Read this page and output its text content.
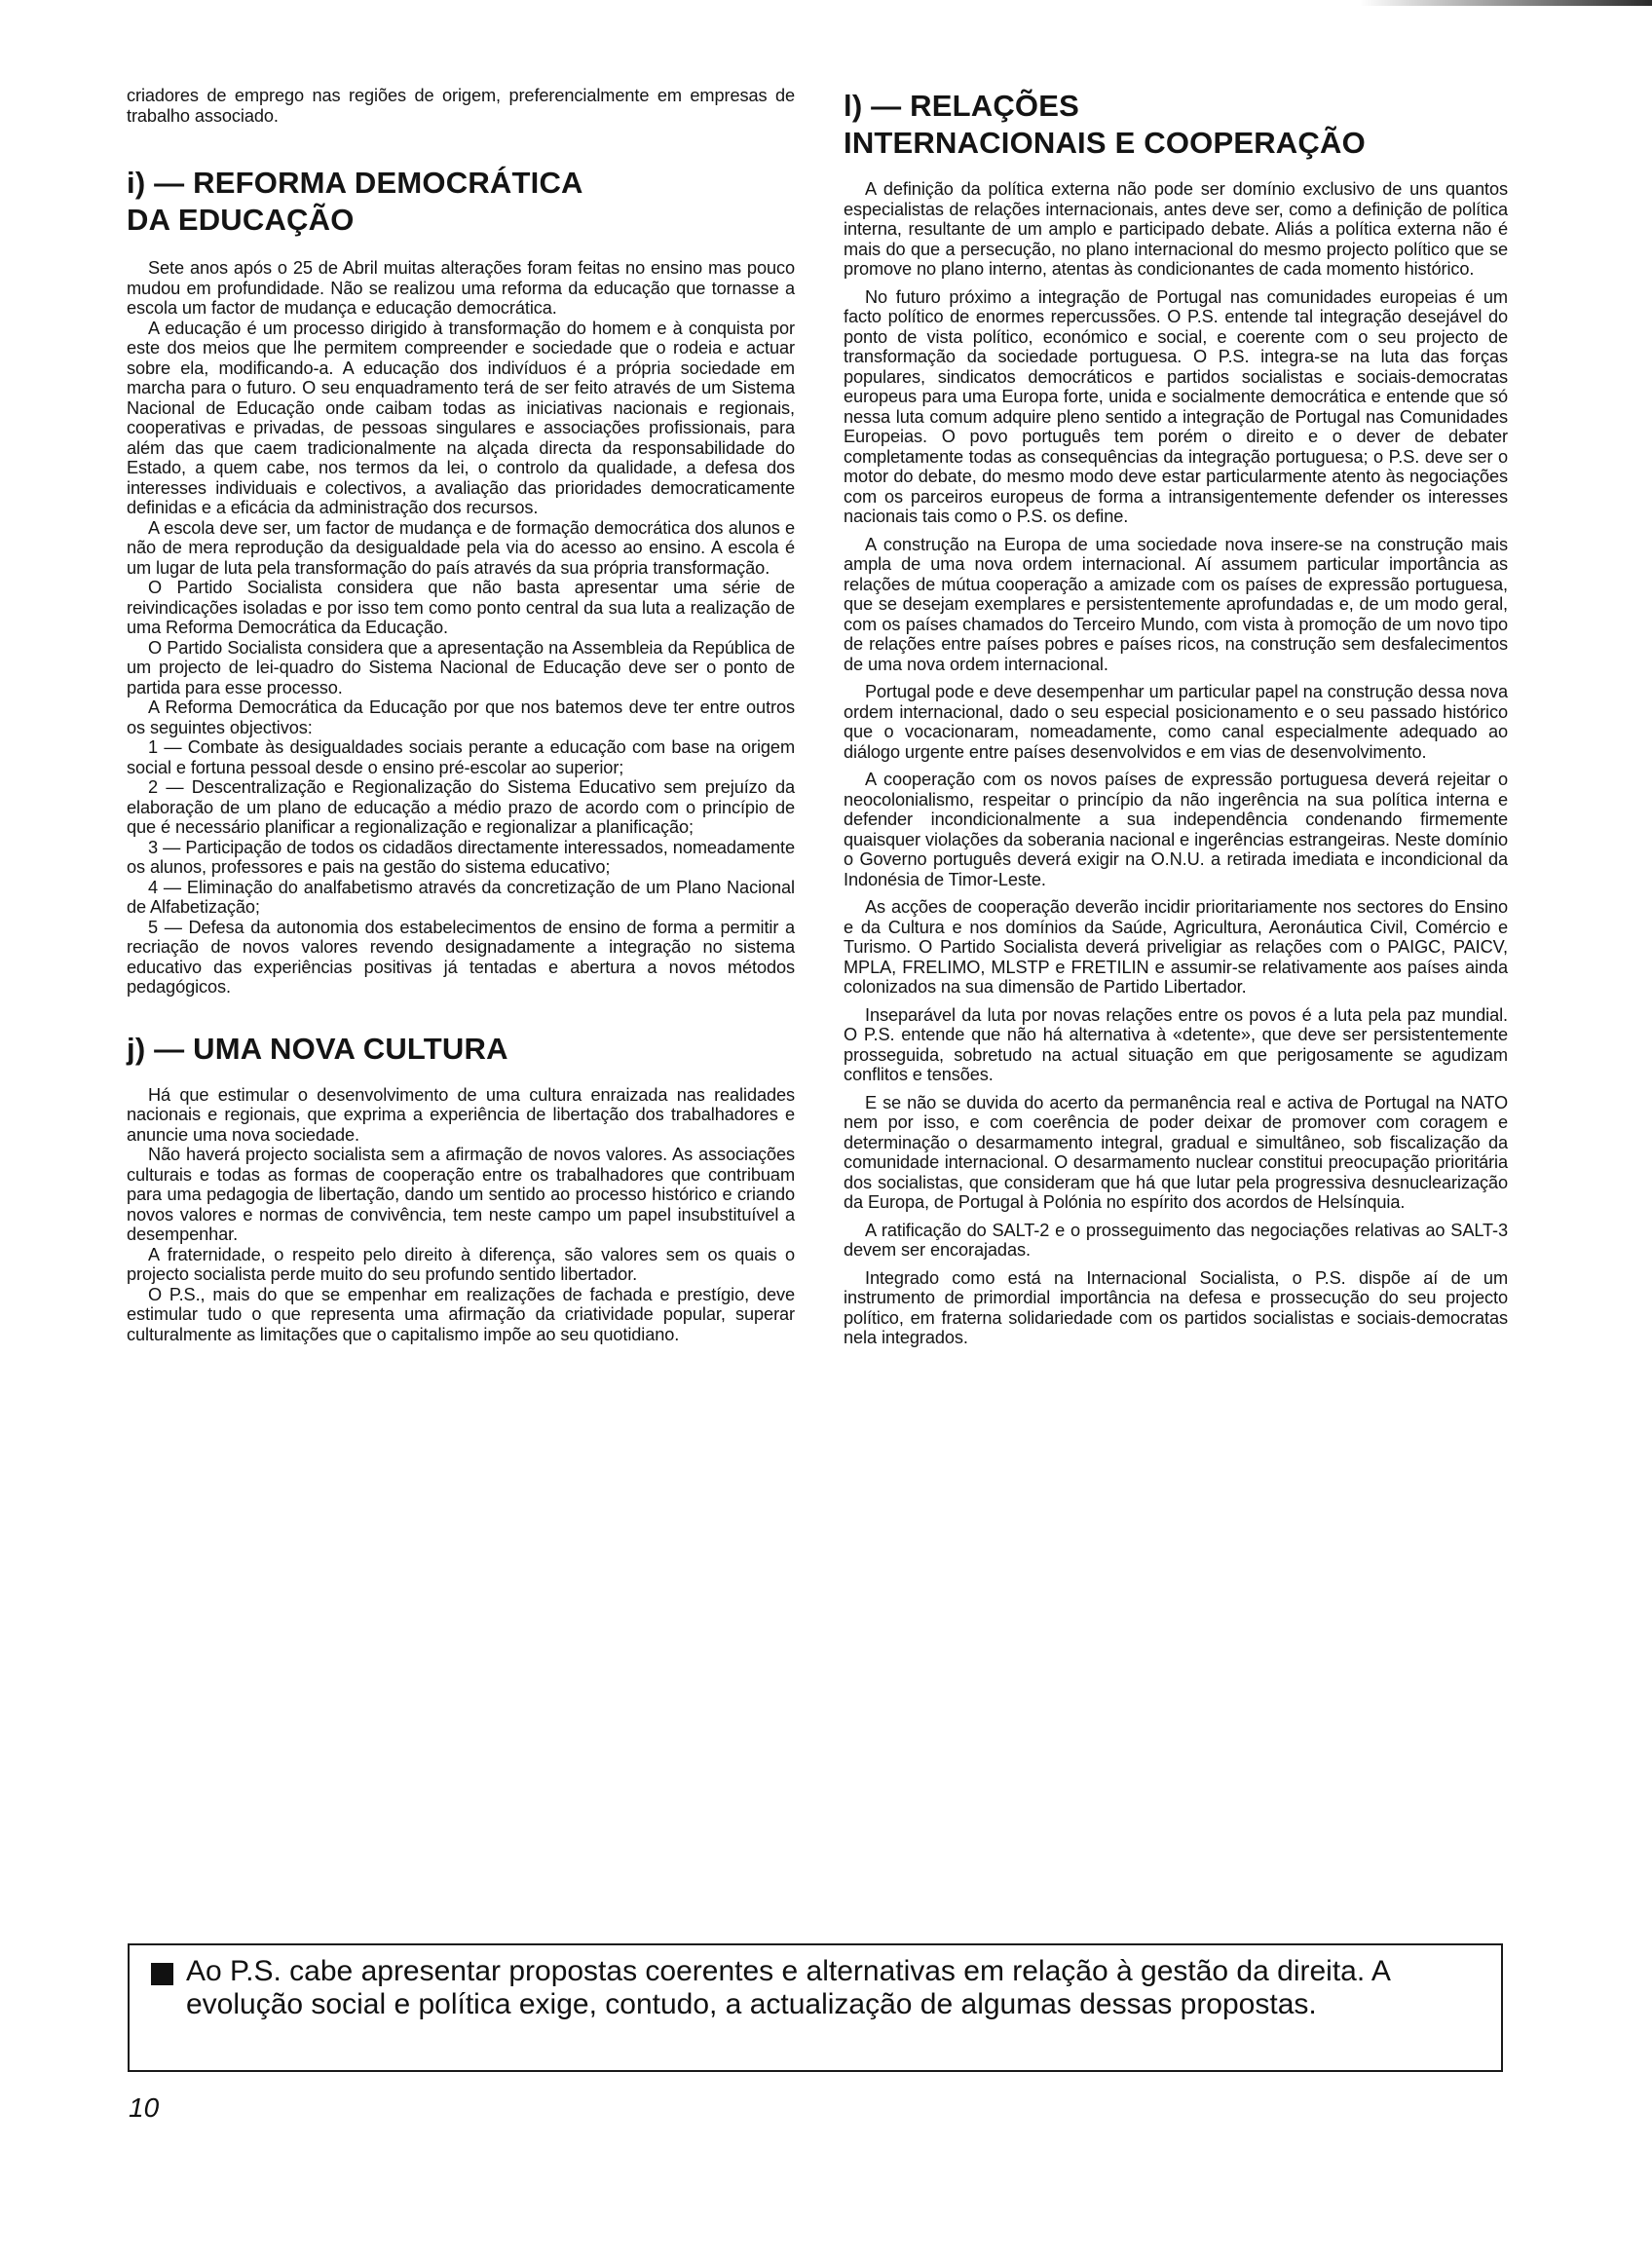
criadores de emprego nas regiões de origem, preferencialmente em empresas de trabalho associado.

i) — REFORMA DEMOCRÁTICA
DA EDUCAÇÃO

Sete anos após o 25 de Abril muitas alterações foram feitas no ensino mas pouco mudou em profundidade. Não se realizou uma reforma da educação que tornasse a escola um factor de mudança e educação democrática.

A educação é um processo dirigido à transformação do homem e à conquista por este dos meios que lhe permitem compreender e sociedade que o rodeia e actuar sobre ela, modificando-a. A educação dos indivíduos é a própria sociedade em marcha para o futuro. O seu enquadramento terá de ser feito através de um Sistema Nacional de Educação onde caibam todas as iniciativas nacionais e regionais, cooperativas e privadas, de pessoas singulares e associações profissionais, para além das que caem tradicionalmente na alçada directa da responsabilidade do Estado, a quem cabe, nos termos da lei, o controlo da qualidade, a defesa dos interesses individuais e colectivos, a avaliação das prioridades democraticamente definidas e a eficácia da administração dos recursos.

A escola deve ser, um factor de mudança e de formação democrática dos alunos e não de mera reprodução da desigualdade pela via do acesso ao ensino. A escola é um lugar de luta pela transformação do país através da sua própria transformação.

O Partido Socialista considera que não basta apresentar uma série de reivindicações isoladas e por isso tem como ponto central da sua luta a realização de uma Reforma Democrática da Educação.

O Partido Socialista considera que a apresentação na Assembleia da República de um projecto de lei-quadro do Sistema Nacional de Educação deve ser o ponto de partida para esse processo.

A Reforma Democrática da Educação por que nos batemos deve ter entre outros os seguintes objectivos:

1 — Combate às desigualdades sociais perante a educação com base na origem social e fortuna pessoal desde o ensino pré-escolar ao superior;

2 — Descentralização e Regionalização do Sistema Educativo sem prejuízo da elaboração de um plano de educação a médio prazo de acordo com o princípio de que é necessário planificar a regionalização e regionalizar a planificação;

3 — Participação de todos os cidadãos directamente interessados, nomeadamente os alunos, professores e pais na gestão do sistema educativo;

4 — Eliminação do analfabetismo através da concretização de um Plano Nacional de Alfabetização;

5 — Defesa da autonomia dos estabelecimentos de ensino de forma a permitir a recriação de novos valores revendo designadamente a integração no sistema educativo das experiências positivas já tentadas e abertura a novos métodos pedagógicos.

j) — UMA NOVA CULTURA

Há que estimular o desenvolvimento de uma cultura enraizada nas realidades nacionais e regionais, que exprima a experiência de libertação dos trabalhadores e anuncie uma nova sociedade.

Não haverá projecto socialista sem a afirmação de novos valores. As associações culturais e todas as formas de cooperação entre os trabalhadores que contribuam para uma pedagogia de libertação, dando um sentido ao processo histórico e criando novos valores e normas de convivência, tem neste campo um papel insubstituível a desempenhar.

A fraternidade, o respeito pelo direito à diferença, são valores sem os quais o projecto socialista perde muito do seu profundo sentido libertador.

O P.S., mais do que se empenhar em realizações de fachada e prestígio, deve estimular tudo o que representa uma afirmação da criatividade popular, superar culturalmente as limitações que o capitalismo impõe ao seu quotidiano.

l) — RELAÇÕES
INTERNACIONAIS E COOPERAÇÃO

A definição da política externa não pode ser domínio exclusivo de uns quantos especialistas de relações internacionais, antes deve ser, como a definição de política interna, resultante de um amplo e participado debate. Aliás a política externa não é mais do que a persecução, no plano internacional do mesmo projecto político que se promove no plano interno, atentas às condicionantes de cada momento histórico.

No futuro próximo a integração de Portugal nas comunidades europeias é um facto político de enormes repercussões. O P.S. entende tal integração desejável do ponto de vista político, económico e social, e coerente com o seu projecto de transformação da sociedade portuguesa. O P.S. integra-se na luta das forças populares, sindicatos democráticos e partidos socialistas e sociais-democratas europeus para uma Europa forte, unida e socialmente democrática e entende que só nessa luta comum adquire pleno sentido a integração de Portugal nas Comunidades Europeias. O povo português tem porém o direito e o dever de debater completamente todas as consequências da integração portuguesa; o P.S. deve ser o motor do debate, do mesmo modo deve estar particularmente atento às negociações com os parceiros europeus de forma a intransigentemente defender os interesses nacionais tais como o P.S. os define.

A construção na Europa de uma sociedade nova insere-se na construção mais ampla de uma nova ordem internacional. Aí assumem particular importância as relações de mútua cooperação a amizade com os países de expressão portuguesa, que se desejam exemplares e persistentemente aprofundadas e, de um modo geral, com os países chamados do Terceiro Mundo, com vista à promoção de um novo tipo de relações entre países pobres e países ricos, na construção sem desfalecimentos de uma nova ordem internacional.

Portugal pode e deve desempenhar um particular papel na construção dessa nova ordem internacional, dado o seu especial posicionamento e o seu passado histórico que o vocacionaram, nomeadamente, como canal especialmente adequado ao diálogo urgente entre países desenvolvidos e em vias de desenvolvimento.

A cooperação com os novos países de expressão portuguesa deverá rejeitar o neocolonialismo, respeitar o princípio da não ingerência na sua política interna e defender incondicionalmente a sua independência condenando firmemente quaisquer violações da soberania nacional e ingerências estrangeiras. Neste domínio o Governo português deverá exigir na O.N.U. a retirada imediata e incondicional da Indonésia de Timor-Leste.

As acções de cooperação deverão incidir prioritariamente nos sectores do Ensino e da Cultura e nos domínios da Saúde, Agricultura, Aeronáutica Civil, Comércio e Turismo. O Partido Socialista deverá priveligiar as relações com o PAIGC, PAICV, MPLA, FRELIMO, MLSTP e FRETILIN e assumir-se relativamente aos países ainda colonizados na sua dimensão de Partido Libertador.

Inseparável da luta por novas relações entre os povos é a luta pela paz mundial. O P.S. entende que não há alternativa à «detente», que deve ser persistentemente prosseguida, sobretudo na actual situação em que perigosamente se agudizam conflitos e tensões.

E se não se duvida do acerto da permanência real e activa de Portugal na NATO nem por isso, e com coerência de poder deixar de promover com coragem e determinação o desarmamento integral, gradual e simultâneo, sob fiscalização da comunidade internacional. O desarmamento nuclear constitui preocupação prioritária dos socialistas, que consideram que há que lutar pela progressiva desnuclearização da Europa, de Portugal à Polónia no espírito dos acordos de Helsínquia.

A ratificação do SALT-2 e o prosseguimento das negociações relativas ao SALT-3 devem ser encorajadas.

Integrado como está na Internacional Socialista, o P.S. dispõe aí de um instrumento de primordial importância na defesa e prossecução do seu projecto político, em fraterna solidariedade com os partidos socialistas e sociais-democratas nela integrados.

Ao P.S. cabe apresentar propostas coerentes e alternativas em relação à gestão da direita. A evolução social e política exige, contudo, a actualização de algumas dessas propostas.
10
